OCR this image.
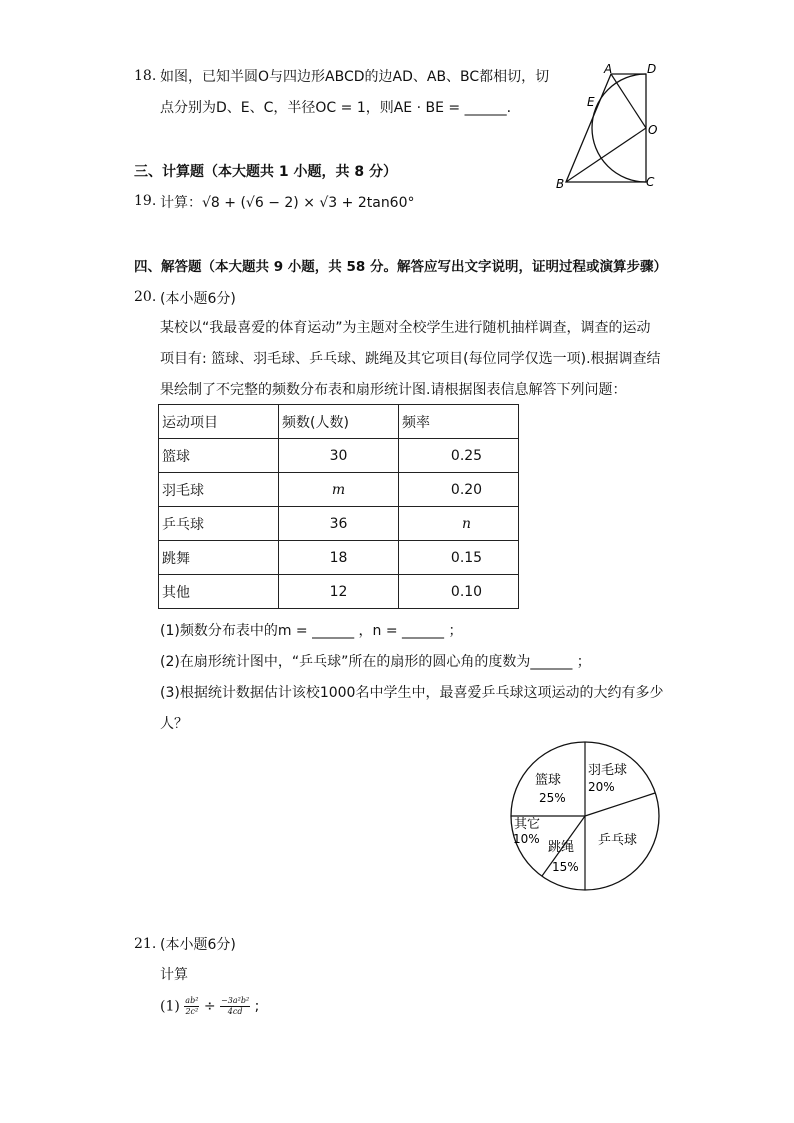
18. 如图，已知半圆O与四边形ABCD的边AD、AB、BC都相切，切
点分别为D、E、C，半径OC = 1，则AE · BE = ______.
A	D
E
O
B	C
三、计算题（本大题共 1 小题，共 8 分）
19. 计算：√8 + (√6 − 2) × √3 + 2tan60°
四、解答题（本大题共 9 小题，共 58 分。解答应写出文字说明，证明过程或演算步骤）
20. (本小题6分)
某校以“我最喜爱的体育运动”为主题对全校学生进行随机抽样调查，调查的运动
项目有: 篮球、羽毛球、乒乓球、跳绳及其它项目(每位同学仅选一项).根据调查结
果绘制了不完整的频数分布表和扇形统计图.请根据图表信息解答下列问题：
运动项目	频数(人数)	频率
篮球	30	0.25
羽毛球	m	0.20
乒乓球	36	n
跳舞	18	0.15
其他	12	0.10
(1)频数分布表中的m = ______ ，n = ______ ；
(2)在扇形统计图中，“乒乓球”所在的扇形的圆心角的度数为______ ；
(3)根据统计数据估计该校1000名中学生中，最喜爱乒乓球这项运动的大约有多少
人？
篮球
25%
羽毛球
20%
乒乓球
跳绳
15%
其它
10%
21. (本小题6分)
计算
$(1) \frac{\text{ab²}}{\text{2c²}} \div \frac{\text{−3a²b²}}{4cd}$ ;
